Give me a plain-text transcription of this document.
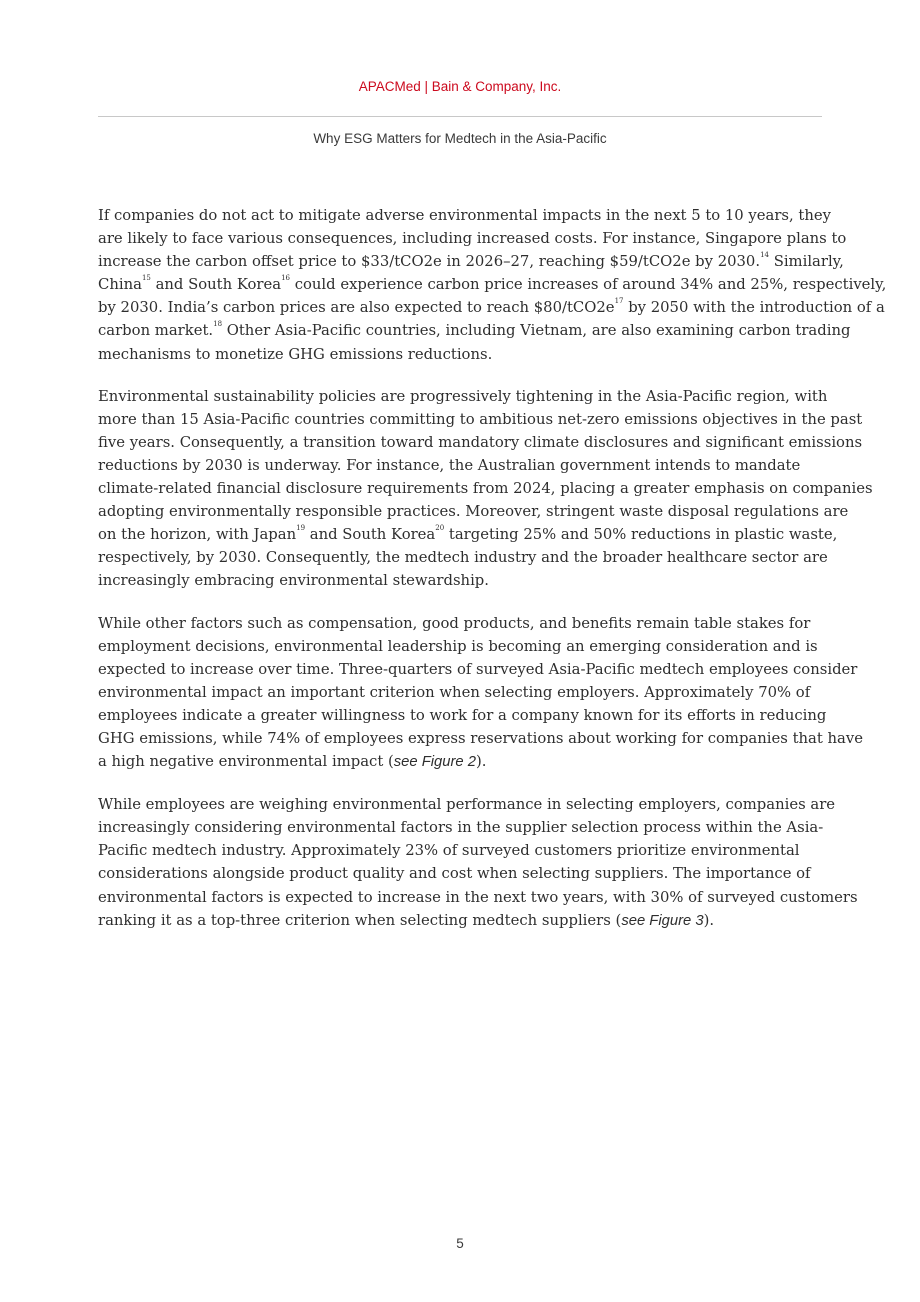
APACMed | Bain & Company, Inc.
Why ESG Matters for Medtech in the Asia-Pacific

If companies do not act to mitigate adverse environmental impacts in the next 5 to 10 years, they
are likely to face various consequences, including increased costs. For instance, Singapore plans to
increase the carbon offset price to $33/tCO2e in 2026–27, reaching $59/tCO2e by 2030.14 Similarly,
China$^{15}$ and South Korea$^{16}$ could experience carbon price increases of around 34% and 25%, respectively,
by 2030. India’s carbon prices are also expected to reach $\$80/tCO2e^{17}$ by 2050 with the introduction of a
carbon market.$^{18}$ Other Asia-Pacific countries, including Vietnam, are also examining carbon trading
mechanisms to monetize GHG emissions reductions.

Environmental sustainability policies are progressively tightening in the Asia-Pacific region, with
more than 15 Asia-Pacific countries committing to ambitious net-zero emissions objectives in the past
five years. Consequently, a transition toward mandatory climate disclosures and significant emissions
reductions by 2030 is underway. For instance, the Australian government intends to mandate
climate-related financial disclosure requirements from 2024, placing a greater emphasis on companies
adopting environmentally responsible practices. Moreover, stringent waste disposal regulations are
on the horizon, with Japan$^{19}$ and South Korea$^{20}$ targeting 25% and 50% reductions in plastic waste,
respectively, by 2030. Consequently, the medtech industry and the broader healthcare sector are
increasingly embracing environmental stewardship.

While other factors such as compensation, good products, and benefits remain table stakes for
employment decisions, environmental leadership is becoming an emerging consideration and is
expected to increase over time. Three-quarters of surveyed Asia-Pacific medtech employees consider
environmental impact an important criterion when selecting employers. Approximately 70% of
employees indicate a greater willingness to work for a company known for its efforts in reducing
GHG emissions, while 74% of employees express reservations about working for companies that have
a high negative environmental impact (see Figure 2).

While employees are weighing environmental performance in selecting employers, companies are
increasingly considering environmental factors in the supplier selection process within the Asia-
Pacific medtech industry. Approximately 23% of surveyed customers prioritize environmental
considerations alongside product quality and cost when selecting suppliers. The importance of
environmental factors is expected to increase in the next two years, with 30% of surveyed customers
ranking it as a top-three criterion when selecting medtech suppliers (see Figure 3).

5
